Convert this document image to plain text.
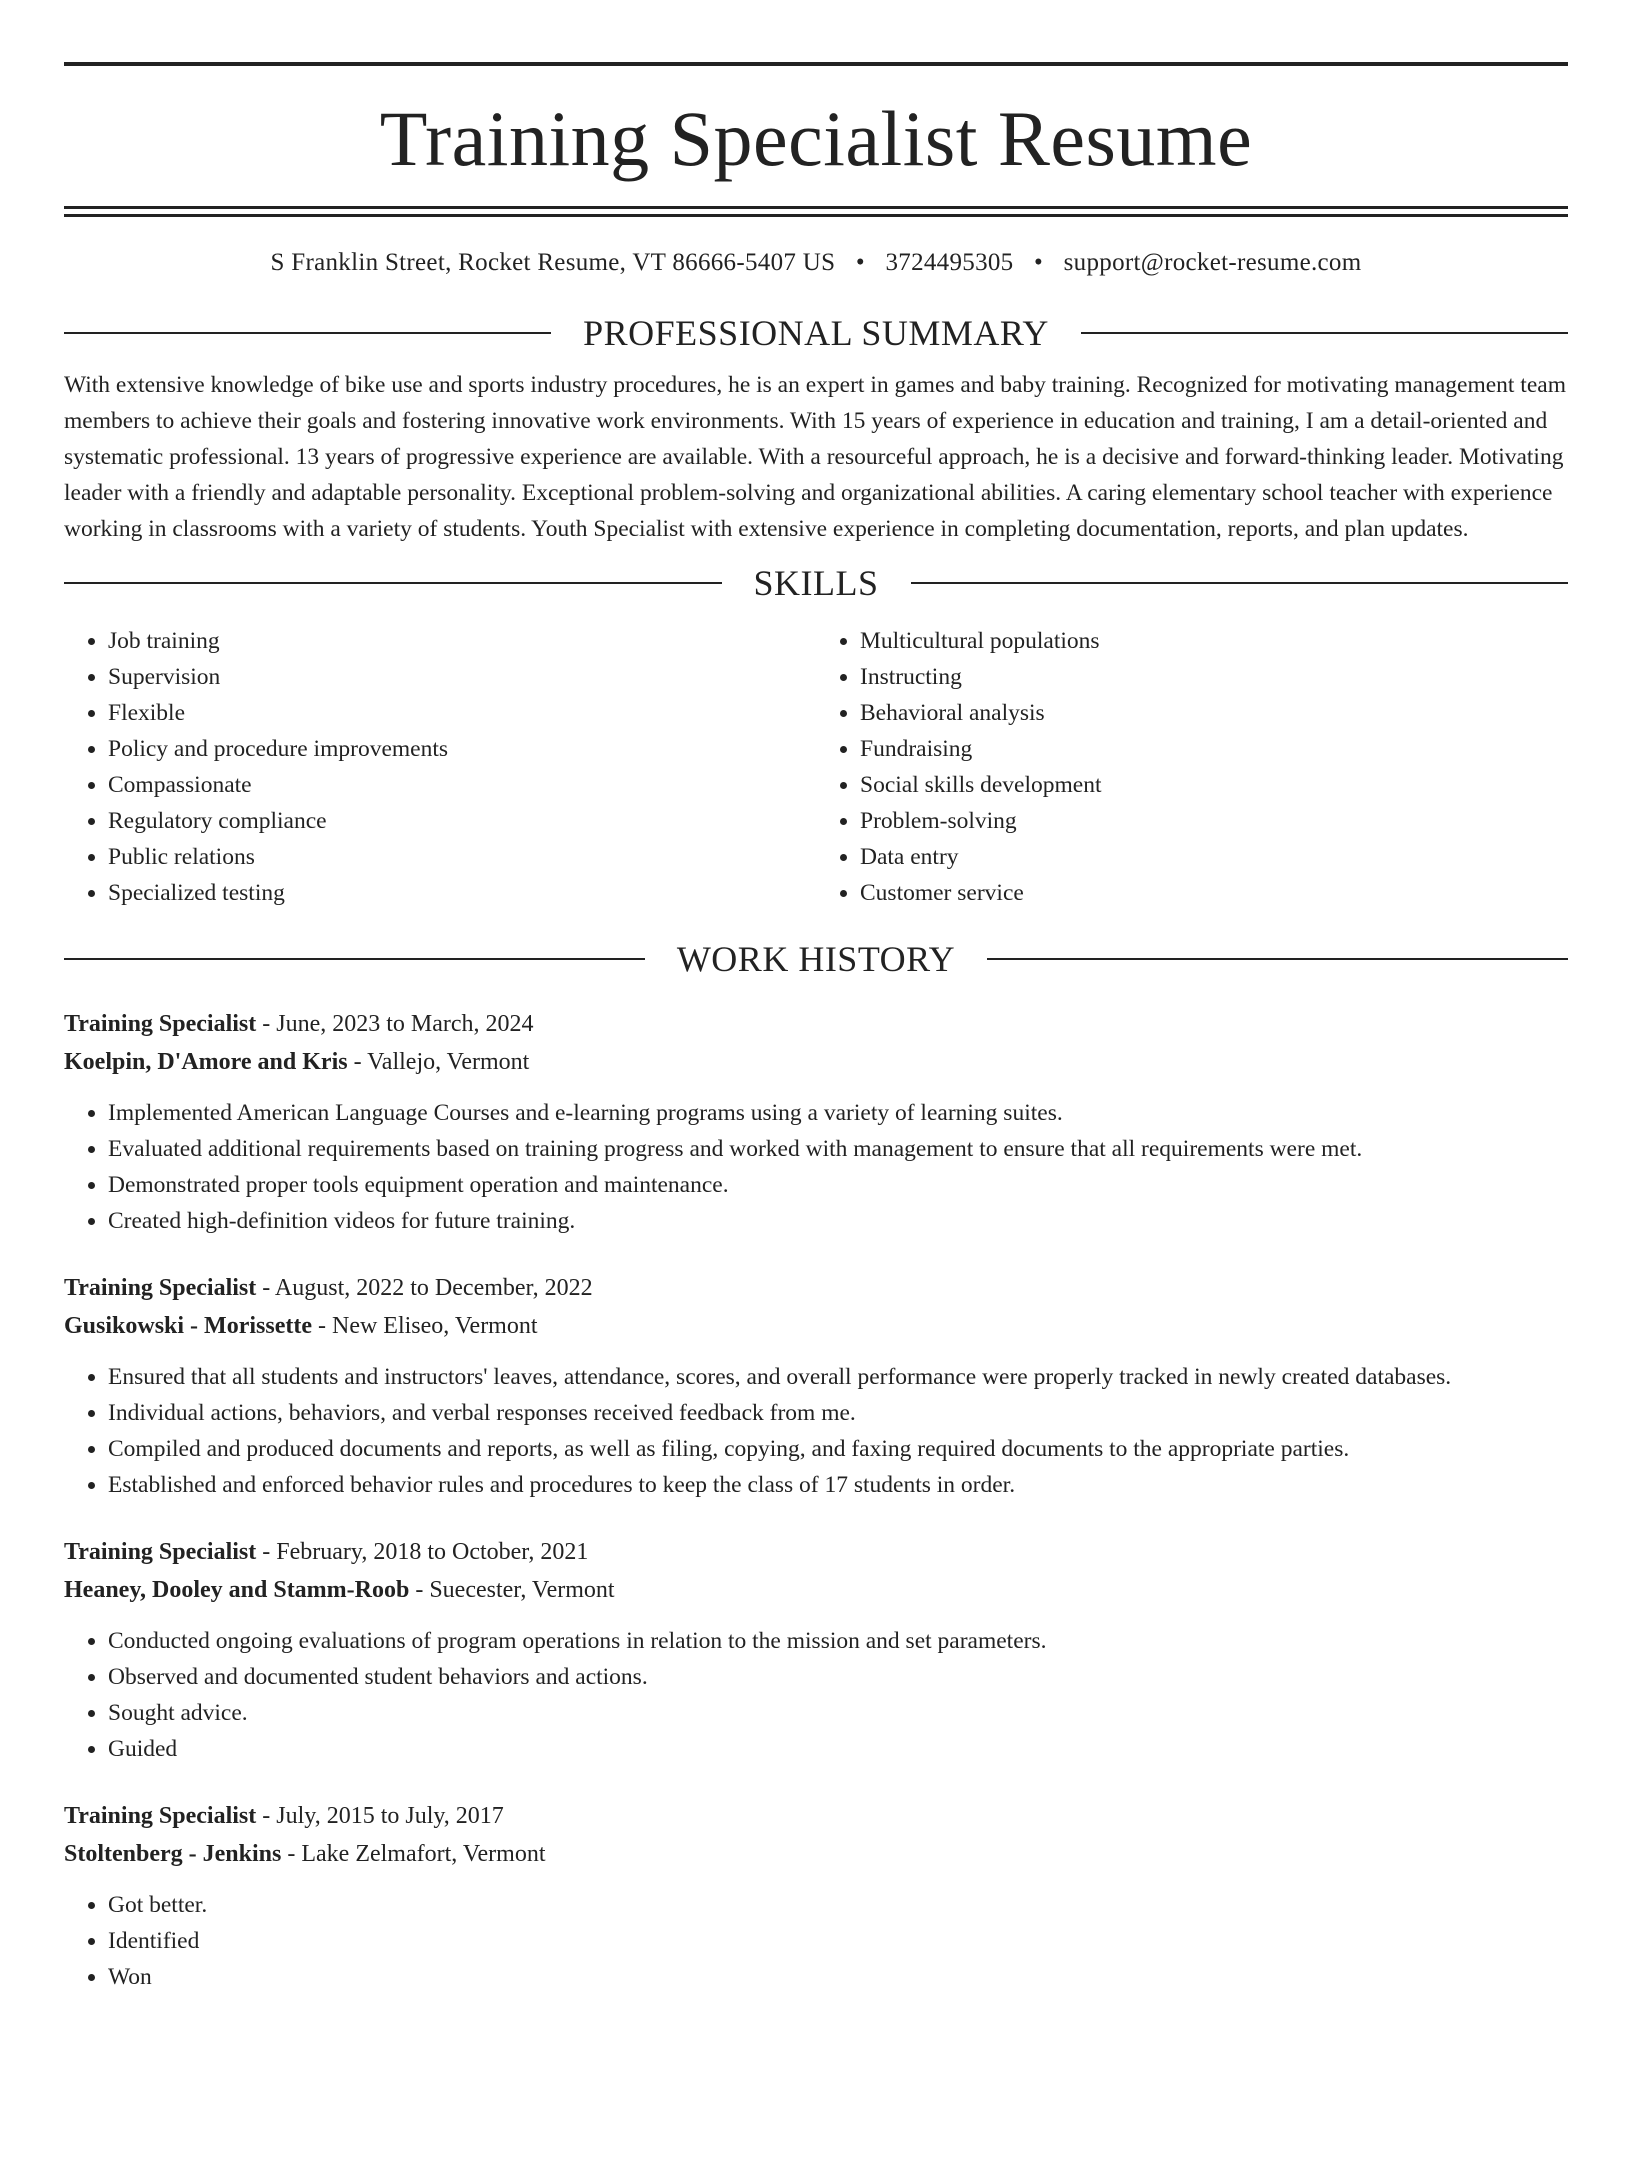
Training Specialist Resume
S Franklin Street, Rocket Resume, VT 86666-5407 US • 3724495305 • support@rocket-resume.com
PROFESSIONAL SUMMARY

With extensive knowledge of bike use and sports industry procedures, he is an expert in games and baby training. Recognized for motivating management team members to achieve their goals and fostering innovative work environments. With 15 years of experience in education and training, I am a detail-oriented and systematic professional. 13 years of progressive experience are available. With a resourceful approach, he is a decisive and forward-thinking leader. Motivating leader with a friendly and adaptable personality. Exceptional problem-solving and organizational abilities. A caring elementary school teacher with experience working in classrooms with a variety of students. Youth Specialist with extensive experience in completing documentation, reports, and plan updates.

SKILLS
• Job training
• Supervision
• Flexible
• Policy and procedure improvements
• Compassionate
• Regulatory compliance
• Public relations
• Specialized testing
• Multicultural populations
• Instructing
• Behavioral analysis
• Fundraising
• Social skills development
• Problem-solving
• Data entry
• Customer service
WORK HISTORY
Training Specialist - June, 2023 to March, 2024
Koelpin, D'Amore and Kris - Vallejo, Vermont
• Implemented American Language Courses and e-learning programs using a variety of learning suites.
• Evaluated additional requirements based on training progress and worked with management to ensure that all requirements were met.
• Demonstrated proper tools equipment operation and maintenance.
• Created high-definition videos for future training.
Training Specialist - August, 2022 to December, 2022
Gusikowski - Morissette - New Eliseo, Vermont
• Ensured that all students and instructors' leaves, attendance, scores, and overall performance were properly tracked in newly created databases.
• Individual actions, behaviors, and verbal responses received feedback from me.
• Compiled and produced documents and reports, as well as filing, copying, and faxing required documents to the appropriate parties.
• Established and enforced behavior rules and procedures to keep the class of 17 students in order.
Training Specialist - February, 2018 to October, 2021
Heaney, Dooley and Stamm-Roob - Suecester, Vermont
• Conducted ongoing evaluations of program operations in relation to the mission and set parameters.
• Observed and documented student behaviors and actions.
• Sought advice.
• Guided
Training Specialist - July, 2015 to July, 2017
Stoltenberg - Jenkins - Lake Zelmafort, Vermont
• Got better.
• Identified
• Won
